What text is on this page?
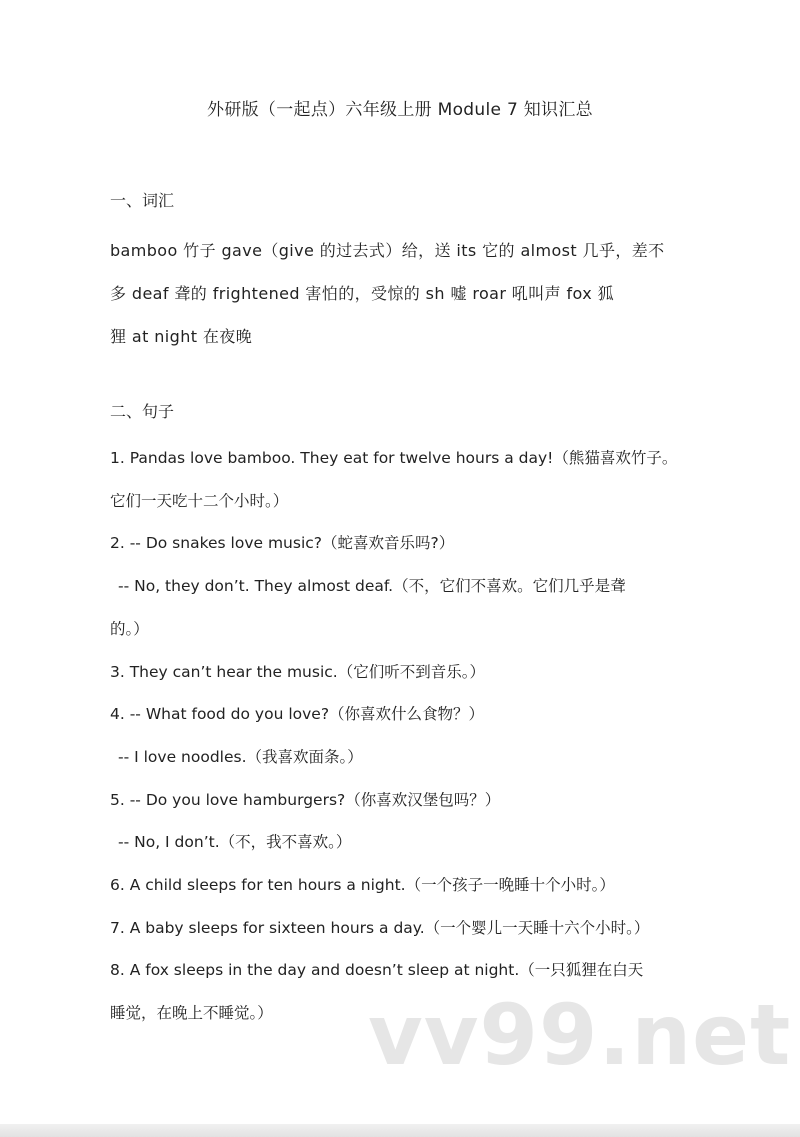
外研版（一起点）六年级上册 Module 7 知识汇总
一、词汇
bamboo 竹子 gave（give 的过去式）给，送 its 它的 almost 几乎，差不
多 deaf 聋的 frightened 害怕的，受惊的 sh 嘘 roar 吼叫声 fox 狐
狸 at night 在夜晚
二、句子
1. Pandas love bamboo. They eat for twelve hours a day!（熊猫喜欢竹子。
它们一天吃十二个小时。）
2. -- Do snakes love music?（蛇喜欢音乐吗?）
-- No, they don’t. They almost deaf.（不，它们不喜欢。它们几乎是聋
的。）
3. They can’t hear the music.（它们听不到音乐。）
4. -- What food do you love?（你喜欢什么食物？）
-- I love noodles.（我喜欢面条。）
5. -- Do you love hamburgers?（你喜欢汉堡包吗？）
-- No, I don’t.（不，我不喜欢。）
6. A child sleeps for ten hours a night.（一个孩子一晚睡十个小时。）
7. A baby sleeps for sixteen hours a day.（一个婴儿一天睡十六个小时。）
8. A fox sleeps in the day and doesn’t sleep at night.（一只狐狸在白天
睡觉，在晚上不睡觉。）	vv99.net
